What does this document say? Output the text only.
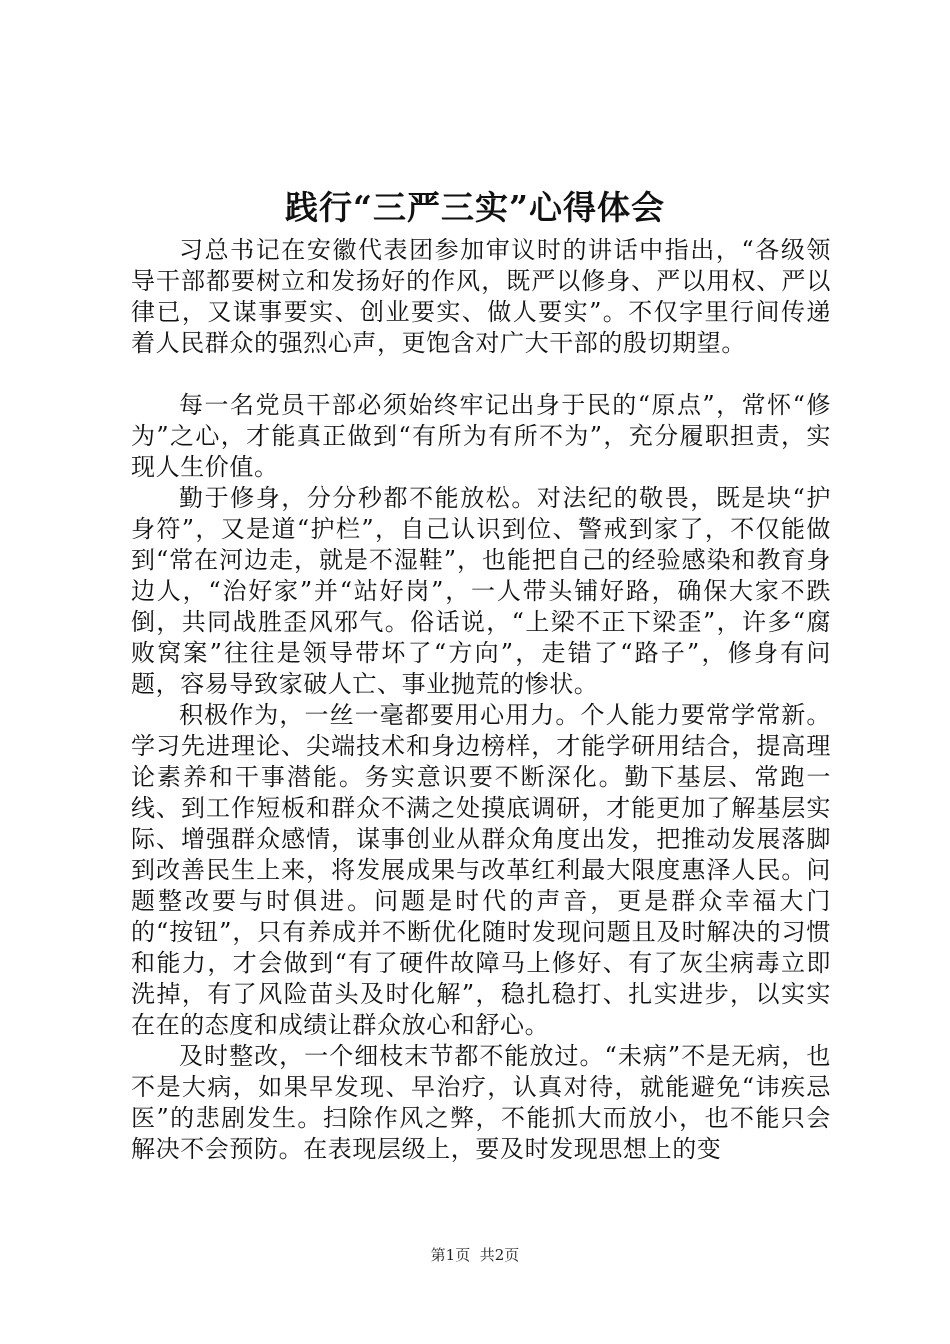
践行“三严三实”心得体会

习总书记在安徽代表团参加审议时的讲话中指出，“各级领导干部都要树立和发扬好的作风，既严以修身、严以用权、严以律已，又谋事要实、创业要实、做人要实”。不仅字里行间传递着人民群众的强烈心声，更饱含对广大干部的殷切期望。

每一名党员干部必须始终牢记出身于民的“原点”，常怀“修为”之心，才能真正做到“有所为有所不为”，充分履职担责，实现人生价值。

勤于修身，分分秒都不能放松。对法纪的敬畏，既是块“护身符”，又是道“护栏”，自己认识到位、警戒到家了，不仅能做到“常在河边走，就是不湿鞋”，也能把自己的经验感染和教育身边人，“治好家”并“站好岗”，一人带头铺好路，确保大家不跌倒，共同战胜歪风邪气。俗话说，“上梁不正下梁歪”，许多“腐败窝案”往往是领导带坏了“方向”，走错了“路子”，修身有问题，容易导致家破人亡、事业抛荒的惨状。

积极作为，一丝一毫都要用心用力。个人能力要常学常新。学习先进理论、尖端技术和身边榜样，才能学研用结合，提高理论素养和干事潜能。务实意识要不断深化。勤下基层、常跑一线、到工作短板和群众不满之处摸底调研，才能更加了解基层实际、增强群众感情，谋事创业从群众角度出发，把推动发展落脚到改善民生上来，将发展成果与改革红利最大限度惠泽人民。问题整改要与时俱进。问题是时代的声音，更是群众幸福大门的“按钮”，只有养成并不断优化随时发现问题且及时解决的习惯和能力，才会做到“有了硬件故障马上修好、有了灰尘病毒立即洗掉，有了风险苗头及时化解”，稳扎稳打、扎实进步，以实实在在的态度和成绩让群众放心和舒心。

及时整改，一个细枝末节都不能放过。“未病”不是无病，也不是大病，如果早发现、早治疗，认真对待，就能避免“讳疾忌医”的悲剧发生。扫除作风之弊，不能抓大而放小，也不能只会解决不会预防。在表现层级上，要及时发现思想上的变

第1页 共2页
